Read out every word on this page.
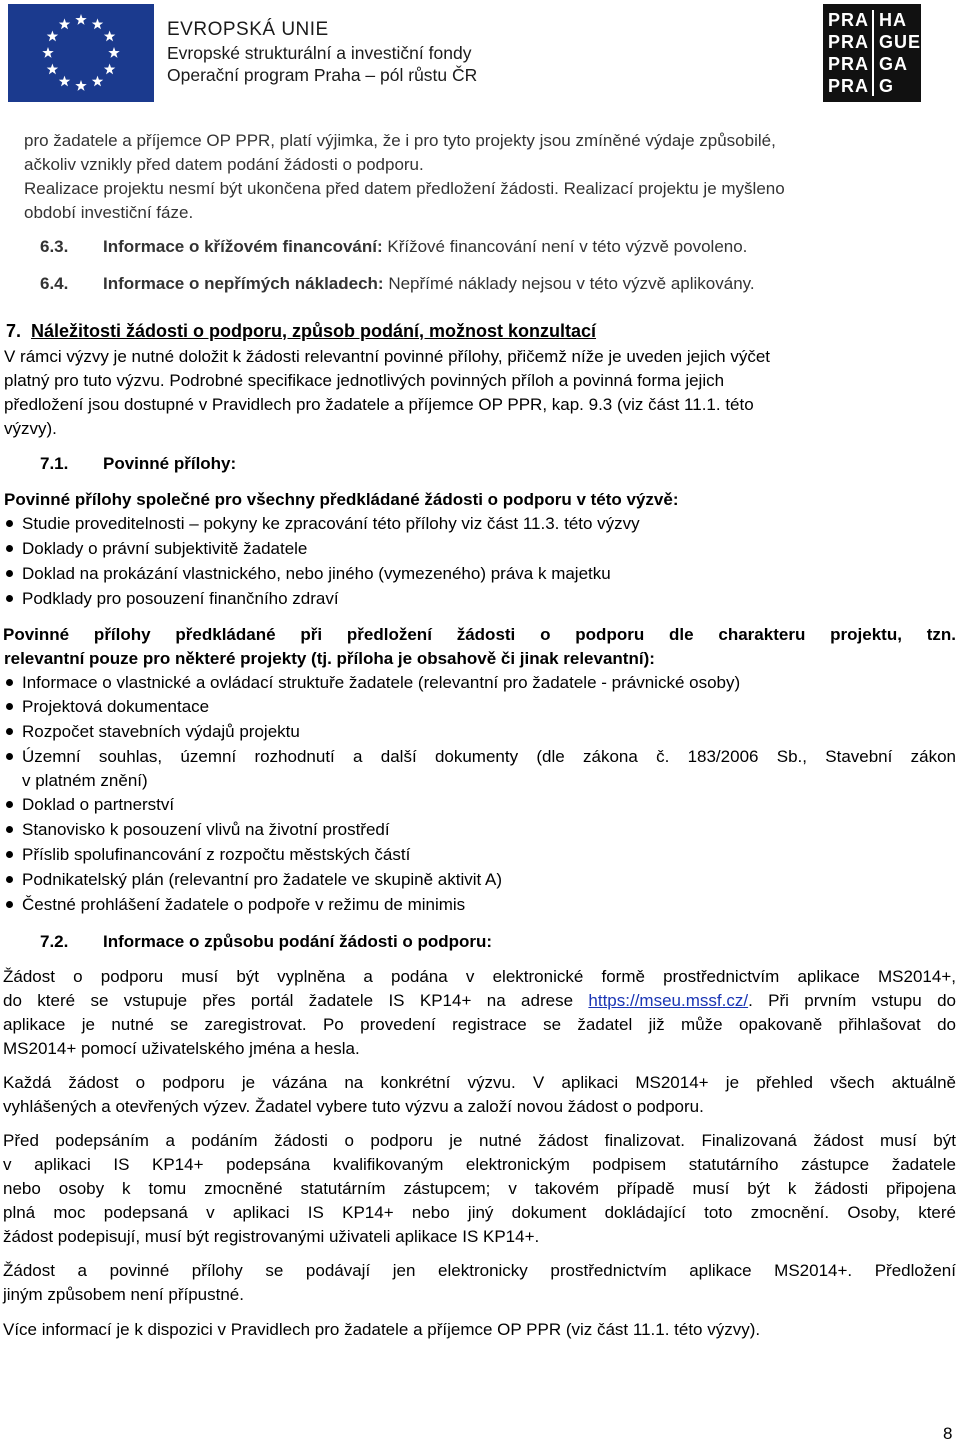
EVROPSKÁ UNIE
Evropské strukturální a investiční fondy
Operační program Praha – pól růstu ČR
PRA HA
PRA GUE
PRA GA
PRA G
pro žadatele a příjemce OP PPR, platí výjimka, že i pro tyto projekty jsou zmíněné výdaje způsobilé,
ačkoliv vznikly před datem podání žádosti o podporu.
Realizace projektu nesmí být ukončena před datem předložení žádosti. Realizací projektu je myšleno
období investiční fáze.
6.3. Informace o křížovém financování: Křížové financování není v této výzvě povoleno.
6.4. Informace o nepřímých nákladech: Nepřímé náklady nejsou v této výzvě aplikovány.
7. Náležitosti žádosti o podporu, způsob podání, možnost konzultací
V rámci výzvy je nutné doložit k žádosti relevantní povinné přílohy, přičemž níže je uveden jejich výčet
platný pro tuto výzvu. Podrobné specifikace jednotlivých povinných příloh a povinná forma jejich
předložení jsou dostupné v Pravidlech pro žadatele a příjemce OP PPR, kap. 9.3 (viz část 11.1. této
výzvy).
7.1. Povinné přílohy:
Povinné přílohy společné pro všechny předkládané žádosti o podporu v této výzvě:
Studie proveditelnosti – pokyny ke zpracování této přílohy viz část 11.3. této výzvy
Doklady o právní subjektivitě žadatele
Doklad na prokázání vlastnického, nebo jiného (vymezeného) práva k majetku
Podklady pro posouzení finančního zdraví
Povinné přílohy předkládané při předložení žádosti o podporu dle charakteru projektu, tzn.
relevantní pouze pro některé projekty (tj. příloha je obsahově či jinak relevantní):
Informace o vlastnické a ovládací struktuře žadatele (relevantní pro žadatele - právnické osoby)
Projektová dokumentace
Rozpočet stavebních výdajů projektu
Územní souhlas, územní rozhodnutí a další dokumenty (dle zákona č. 183/2006 Sb., Stavební zákon
v platném znění)
Doklad o partnerství
Stanovisko k posouzení vlivů na životní prostředí
Příslib spolufinancování z rozpočtu městských částí
Podnikatelský plán (relevantní pro žadatele ve skupině aktivit A)
Čestné prohlášení žadatele o podpoře v režimu de minimis
7.2. Informace o způsobu podání žádosti o podporu:
Žádost o podporu musí být vyplněna a podána v elektronické formě prostřednictvím aplikace MS2014+,
do které se vstupuje přes portál žadatele IS KP14+ na adrese https://mseu.mssf.cz/. Při prvním vstupu do
aplikace je nutné se zaregistrovat. Po provedení registrace se žadatel již může opakovaně přihlašovat do
MS2014+ pomocí uživatelského jména a hesla.
Každá žádost o podporu je vázána na konkrétní výzvu. V aplikaci MS2014+ je přehled všech aktuálně
vyhlášených a otevřených výzev. Žadatel vybere tuto výzvu a založí novou žádost o podporu.
Před podepsáním a podáním žádosti o podporu je nutné žádost finalizovat. Finalizovaná žádost musí být
v aplikaci IS KP14+ podepsána kvalifikovaným elektronickým podpisem statutárního zástupce žadatele
nebo osoby k tomu zmocněné statutárním zástupcem; v takovém případě musí být k žádosti připojena
plná moc podepsaná v aplikaci IS KP14+ nebo jiný dokument dokládající toto zmocnění. Osoby, které
žádost podepisují, musí být registrovanými uživateli aplikace IS KP14+.
Žádost a povinné přílohy se podávají jen elektronicky prostřednictvím aplikace MS2014+. Předložení
jiným způsobem není přípustné.
Více informací je k dispozici v Pravidlech pro žadatele a příjemce OP PPR (viz část 11.1. této výzvy).
8
